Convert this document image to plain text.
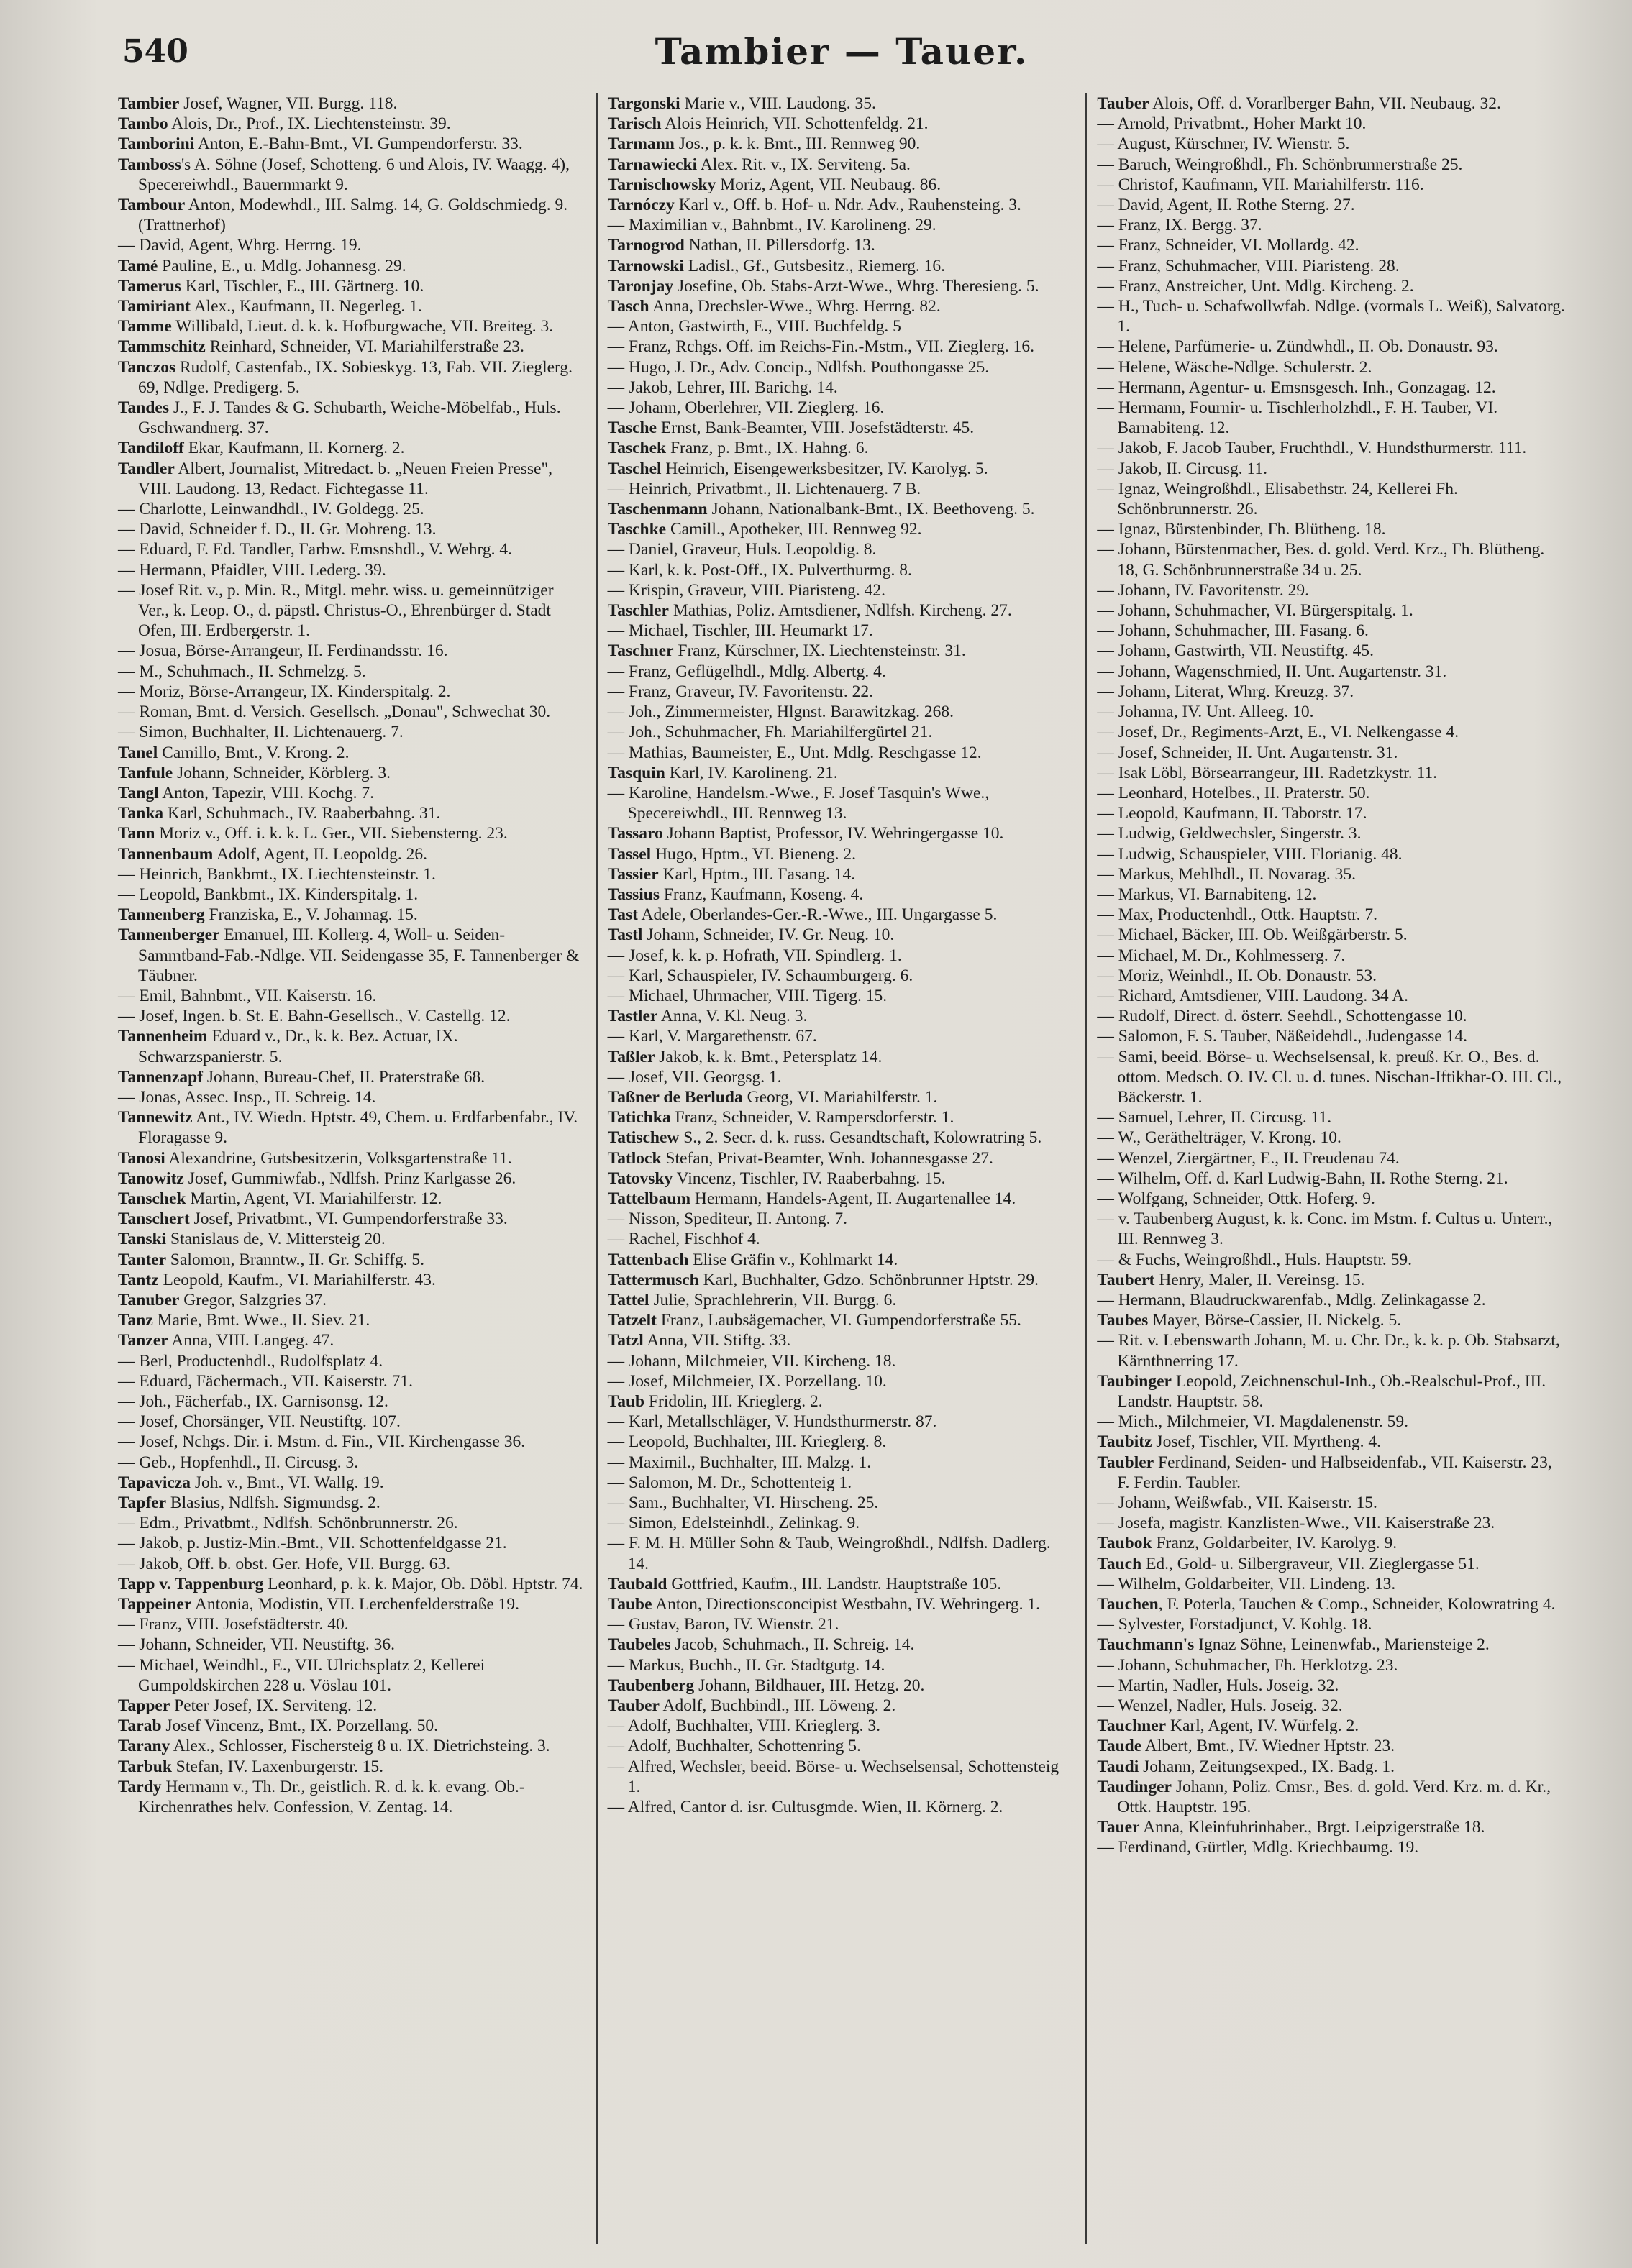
540	Tambier — Tauer.

Tambier Josef, Wagner, VII. Burgg. 118.

Tambo Alois, Dr., Prof., IX. Liechtensteinstr. 39.

Tamborini Anton, E.-Bahn-Bmt., VI. Gumpendorferstr. 33.

Tamboss's A. Söhne (Josef, Schotteng. 6 und Alois, IV. Waagg. 4), Specereiwhdl., Bauernmarkt 9.

Tambour Anton, Modewhdl., III. Salmg. 14, G. Goldschmiedg. 9. (Trattnerhof)

— David, Agent, Whrg. Herrng. 19.

Tamé Pauline, E., u. Mdlg. Johannesg. 29.

Tamerus Karl, Tischler, E., III. Gärtnerg. 10.

Tamiriant Alex., Kaufmann, II. Negerleg. 1.

Tamme Willibald, Lieut. d. k. k. Hofburgwache, VII. Breiteg. 3.

Tammschitz Reinhard, Schneider, VI. Mariahilferstraße 23.

Tanczos Rudolf, Castenfab., IX. Sobieskyg. 13, Fab. VII. Zieglerg. 69, Ndlge. Predigerg. 5.

Tandes J., F. J. Tandes & G. Schubarth, Weiche-Möbelfab., Huls. Gschwandnerg. 37.

Tandiloff Ekar, Kaufmann, II. Kornerg. 2.

Tandler Albert, Journalist, Mitredact. b. „Neuen Freien Presse", VIII. Laudong. 13, Redact. Fichtegasse 11.

— Charlotte, Leinwandhdl., IV. Goldegg. 25.

— David, Schneider f. D., II. Gr. Mohreng. 13.

— Eduard, F. Ed. Tandler, Farbw. Emsnshdl., V. Wehrg. 4.

— Hermann, Pfaidler, VIII. Lederg. 39.

— Josef Rit. v., p. Min. R., Mitgl. mehr. wiss. u. gemeinnütziger Ver., k. Leop. O., d. päpstl. Christus-O., Ehrenbürger d. Stadt Ofen, III. Erdbergerstr. 1.

— Josua, Börse-Arrangeur, II. Ferdinandsstr. 16.

— M., Schuhmach., II. Schmelzg. 5.

— Moriz, Börse-Arrangeur, IX. Kinderspitalg. 2.

— Roman, Bmt. d. Versich. Gesellsch. „Donau", Schwechat 30.

— Simon, Buchhalter, II. Lichtenauerg. 7.

Tanel Camillo, Bmt., V. Krong. 2.

Tanfule Johann, Schneider, Körblerg. 3.

Tangl Anton, Tapezir, VIII. Kochg. 7.

Tanka Karl, Schuhmach., IV. Raaberbahng. 31.

Tann Moriz v., Off. i. k. k. L. Ger., VII. Siebensterng. 23.

Tannenbaum Adolf, Agent, II. Leopoldg. 26.

— Heinrich, Bankbmt., IX. Liechtensteinstr. 1.

— Leopold, Bankbmt., IX. Kinderspitalg. 1.

Tannenberg Franziska, E., V. Johannag. 15.

Tannenberger Emanuel, III. Kollerg. 4, Woll- u. Seiden-Sammtband-Fab.-Ndlge. VII. Seidengasse 35, F. Tannenberger & Täubner.

— Emil, Bahnbmt., VII. Kaiserstr. 16.

— Josef, Ingen. b. St. E. Bahn-Gesellsch., V. Castellg. 12.

Tannenheim Eduard v., Dr., k. k. Bez. Actuar, IX. Schwarzspanierstr. 5.

Tannenzapf Johann, Bureau-Chef, II. Praterstraße 68.

— Jonas, Assec. Insp., II. Schreig. 14.

Tannewitz Ant., IV. Wiedn. Hptstr. 49, Chem. u. Erdfarbenfabr., IV. Floragasse 9.

Tanosi Alexandrine, Gutsbesitzerin, Volksgartenstraße 11.

Tanowitz Josef, Gummiwfab., Ndlfsh. Prinz Karlgasse 26.

Tanschek Martin, Agent, VI. Mariahilferstr. 12.

Tanschert Josef, Privatbmt., VI. Gumpendorferstraße 33.

Tanski Stanislaus de, V. Mittersteig 20.

Tanter Salomon, Branntw., II. Gr. Schiffg. 5.

Tantz Leopold, Kaufm., VI. Mariahilferstr. 43.

Tanuber Gregor, Salzgries 37.

Tanz Marie, Bmt. Wwe., II. Siev. 21.

Tanzer Anna, VIII. Langeg. 47.

— Berl, Productenhdl., Rudolfsplatz 4.

— Eduard, Fächermach., VII. Kaiserstr. 71.

— Joh., Fächerfab., IX. Garnisonsg. 12.

— Josef, Chorsänger, VII. Neustiftg. 107.

— Josef, Nchgs. Dir. i. Mstm. d. Fin., VII. Kirchengasse 36.

— Geb., Hopfenhdl., II. Circusg. 3.

Tapavicza Joh. v., Bmt., VI. Wallg. 19.

Tapfer Blasius, Ndlfsh. Sigmundsg. 2.

— Edm., Privatbmt., Ndlfsh. Schönbrunnerstr. 26.

— Jakob, p. Justiz-Min.-Bmt., VII. Schottenfeldgasse 21.

— Jakob, Off. b. obst. Ger. Hofe, VII. Burgg. 63.

Tapp v. Tappenburg Leonhard, p. k. k. Major, Ob. Döbl. Hptstr. 74.

Tappeiner Antonia, Modistin, VII. Lerchenfelderstraße 19.

— Franz, VIII. Josefstädterstr. 40.

— Johann, Schneider, VII. Neustiftg. 36.

— Michael, Weindhl., E., VII. Ulrichsplatz 2, Kellerei Gumpoldskirchen 228 u. Vöslau 101.

Tapper Peter Josef, IX. Serviteng. 12.

Tarab Josef Vincenz, Bmt., IX. Porzellang. 50.

Tarany Alex., Schlosser, Fischersteig 8 u. IX. Dietrichsteing. 3.

Tarbuk Stefan, IV. Laxenburgerstr. 15.

Tardy Hermann v., Th. Dr., geistlich. R. d. k. k. evang. Ob.-Kirchenrathes helv. Confession, V. Zentag. 14.

Targonski Marie v., VIII. Laudong. 35.

Tarisch Alois Heinrich, VII. Schottenfeldg. 21.

Tarmann Jos., p. k. k. Bmt., III. Rennweg 90.

Tarnawiecki Alex. Rit. v., IX. Serviteng. 5a.

Tarnischowsky Moriz, Agent, VII. Neubaug. 86.

Tarnóczy Karl v., Off. b. Hof- u. Ndr. Adv., Rauhensteing. 3.

— Maximilian v., Bahnbmt., IV. Karolineng. 29.

Tarnogrod Nathan, II. Pillersdorfg. 13.

Tarnowski Ladisl., Gf., Gutsbesitz., Riemerg. 16.

Taronjay Josefine, Ob. Stabs-Arzt-Wwe., Whrg. Theresieng. 5.

Tasch Anna, Drechsler-Wwe., Whrg. Herrng. 82.

— Anton, Gastwirth, E., VIII. Buchfeldg. 5

— Franz, Rchgs. Off. im Reichs-Fin.-Mstm., VII. Zieglerg. 16.

— Hugo, J. Dr., Adv. Concip., Ndlfsh. Pouthongasse 25.

— Jakob, Lehrer, III. Barichg. 14.

— Johann, Oberlehrer, VII. Zieglerg. 16.

Tasche Ernst, Bank-Beamter, VIII. Josefstädterstr. 45.

Taschek Franz, p. Bmt., IX. Hahng. 6.

Taschel Heinrich, Eisengewerksbesitzer, IV. Karolyg. 5.

— Heinrich, Privatbmt., II. Lichtenauerg. 7 B.

Taschenmann Johann, Nationalbank-Bmt., IX. Beethoveng. 5.

Taschke Camill., Apotheker, III. Rennweg 92.

— Daniel, Graveur, Huls. Leopoldig. 8.

— Karl, k. k. Post-Off., IX. Pulverthurmg. 8.

— Krispin, Graveur, VIII. Piaristeng. 42.

Taschler Mathias, Poliz. Amtsdiener, Ndlfsh. Kircheng. 27.

— Michael, Tischler, III. Heumarkt 17.

Taschner Franz, Kürschner, IX. Liechtensteinstr. 31.

— Franz, Geflügelhdl., Mdlg. Albertg. 4.

— Franz, Graveur, IV. Favoritenstr. 22.

— Joh., Zimmermeister, Hlgnst. Barawitzkag. 268.

— Joh., Schuhmacher, Fh. Mariahilfergürtel 21.

— Mathias, Baumeister, E., Unt. Mdlg. Reschgasse 12.

Tasquin Karl, IV. Karolineng. 21.

— Karoline, Handelsm.-Wwe., F. Josef Tasquin's Wwe., Specereiwhdl., III. Rennweg 13.

Tassaro Johann Baptist, Professor, IV. Wehringergasse 10.

Tassel Hugo, Hptm., VI. Bieneng. 2.

Tassier Karl, Hptm., III. Fasang. 14.

Tassius Franz, Kaufmann, Koseng. 4.

Tast Adele, Oberlandes-Ger.-R.-Wwe., III. Ungargasse 5.

Tastl Johann, Schneider, IV. Gr. Neug. 10.

— Josef, k. k. p. Hofrath, VII. Spindlerg. 1.

— Karl, Schauspieler, IV. Schaumburgerg. 6.

— Michael, Uhrmacher, VIII. Tigerg. 15.

Tastler Anna, V. Kl. Neug. 3.

— Karl, V. Margarethenstr. 67.

Taßler Jakob, k. k. Bmt., Petersplatz 14.

— Josef, VII. Georgsg. 1.

Taßner de Berluda Georg, VI. Mariahilferstr. 1.

Tatichka Franz, Schneider, V. Rampersdorferstr. 1.

Tatischew S., 2. Secr. d. k. russ. Gesandtschaft, Kolowratring 5.

Tatlock Stefan, Privat-Beamter, Wnh. Johannesgasse 27.

Tatovsky Vincenz, Tischler, IV. Raaberbahng. 15.

Tattelbaum Hermann, Handels-Agent, II. Augartenallee 14.

— Nisson, Spediteur, II. Antong. 7.

— Rachel, Fischhof 4.

Tattenbach Elise Gräfin v., Kohlmarkt 14.

Tattermusch Karl, Buchhalter, Gdzo. Schönbrunner Hptstr. 29.

Tattel Julie, Sprachlehrerin, VII. Burgg. 6.

Tatzelt Franz, Laubsägemacher, VI. Gumpendorferstraße 55.

Tatzl Anna, VII. Stiftg. 33.

— Johann, Milchmeier, VII. Kircheng. 18.

— Josef, Milchmeier, IX. Porzellang. 10.

Taub Fridolin, III. Krieglerg. 2.

— Karl, Metallschläger, V. Hundsthurmerstr. 87.

— Leopold, Buchhalter, III. Krieglerg. 8.

— Maximil., Buchhalter, III. Malzg. 1.

— Salomon, M. Dr., Schottenteig 1.

— Sam., Buchhalter, VI. Hirscheng. 25.

— Simon, Edelsteinhdl., Zelinkag. 9.

— F. M. H. Müller Sohn & Taub, Weingroßhdl., Ndlfsh. Dadlerg. 14.

Taubald Gottfried, Kaufm., III. Landstr. Hauptstraße 105.

Taube Anton, Directionsconcipist Westbahn, IV. Wehringerg. 1.

— Gustav, Baron, IV. Wienstr. 21.

Taubeles Jacob, Schuhmach., II. Schreig. 14.

— Markus, Buchh., II. Gr. Stadtgutg. 14.

Taubenberg Johann, Bildhauer, III. Hetzg. 20.

Tauber Adolf, Buchbindl., III. Löweng. 2.

— Adolf, Buchhalter, VIII. Krieglerg. 3.

— Adolf, Buchhalter, Schottenring 5.

— Alfred, Wechsler, beeid. Börse- u. Wechselsensal, Schottensteig 1.

— Alfred, Cantor d. isr. Cultusgmde. Wien, II. Körnerg. 2.

Tauber Alois, Off. d. Vorarlberger Bahn, VII. Neubaug. 32.

— Arnold, Privatbmt., Hoher Markt 10.

— August, Kürschner, IV. Wienstr. 5.

— Baruch, Weingroßhdl., Fh. Schönbrunnerstraße 25.

— Christof, Kaufmann, VII. Mariahilferstr. 116.

— David, Agent, II. Rothe Sterng. 27.

— Franz, IX. Bergg. 37.

— Franz, Schneider, VI. Mollardg. 42.

— Franz, Schuhmacher, VIII. Piaristeng. 28.

— Franz, Anstreicher, Unt. Mdlg. Kircheng. 2.

— H., Tuch- u. Schafwollwfab. Ndlge. (vormals L. Weiß), Salvatorg. 1.

— Helene, Parfümerie- u. Zündwhdl., II. Ob. Donaustr. 93.

— Helene, Wäsche-Ndlge. Schulerstr. 2.

— Hermann, Agentur- u. Emsnsgesch. Inh., Gonzagag. 12.

— Hermann, Fournir- u. Tischlerholzhdl., F. H. Tauber, VI. Barnabiteng. 12.

— Jakob, F. Jacob Tauber, Fruchthdl., V. Hundsthurmerstr. 111.

— Jakob, II. Circusg. 11.

— Ignaz, Weingroßhdl., Elisabethstr. 24, Kellerei Fh. Schönbrunnerstr. 26.

— Ignaz, Bürstenbinder, Fh. Blütheng. 18.

— Johann, Bürstenmacher, Bes. d. gold. Verd. Krz., Fh. Blütheng. 18, G. Schönbrunnerstraße 34 u. 25.

— Johann, IV. Favoritenstr. 29.

— Johann, Schuhmacher, VI. Bürgerspitalg. 1.

— Johann, Schuhmacher, III. Fasang. 6.

— Johann, Gastwirth, VII. Neustiftg. 45.

— Johann, Wagenschmied, II. Unt. Augartenstr. 31.

— Johann, Literat, Whrg. Kreuzg. 37.

— Johanna, IV. Unt. Alleeg. 10.

— Josef, Dr., Regiments-Arzt, E., VI. Nelkengasse 4.

— Josef, Schneider, II. Unt. Augartenstr. 31.

— Isak Löbl, Börsearrangeur, III. Radetzkystr. 11.

— Leonhard, Hotelbes., II. Praterstr. 50.

— Leopold, Kaufmann, II. Taborstr. 17.

— Ludwig, Geldwechsler, Singerstr. 3.

— Ludwig, Schauspieler, VIII. Florianig. 48.

— Markus, Mehlhdl., II. Novarag. 35.

— Markus, VI. Barnabiteng. 12.

— Max, Productenhdl., Ottk. Hauptstr. 7.

— Michael, Bäcker, III. Ob. Weißgärberstr. 5.

— Michael, M. Dr., Kohlmesserg. 7.

— Moriz, Weinhdl., II. Ob. Donaustr. 53.

— Richard, Amtsdiener, VIII. Laudong. 34 A.

— Rudolf, Direct. d. österr. Seehdl., Schottengasse 10.

— Salomon, F. S. Tauber, Näßeidehdl., Judengasse 14.

— Sami, beeid. Börse- u. Wechselsensal, k. preuß. Kr. O., Bes. d. ottom. Medsch. O. IV. Cl. u. d. tunes. Nischan-Iftikhar-O. III. Cl., Bäckerstr. 1.

— Samuel, Lehrer, II. Circusg. 11.

— W., Geräthelträger, V. Krong. 10.

— Wenzel, Ziergärtner, E., II. Freudenau 74.

— Wilhelm, Off. d. Karl Ludwig-Bahn, II. Rothe Sterng. 21.

— Wolfgang, Schneider, Ottk. Hoferg. 9.

— v. Taubenberg August, k. k. Conc. im Mstm. f. Cultus u. Unterr., III. Rennweg 3.

— & Fuchs, Weingroßhdl., Huls. Hauptstr. 59.

Taubert Henry, Maler, II. Vereinsg. 15.

— Hermann, Blaudruckwarenfab., Mdlg. Zelinkagasse 2.

Taubes Mayer, Börse-Cassier, II. Nickelg. 5.

— Rit. v. Lebenswarth Johann, M. u. Chr. Dr., k. k. p. Ob. Stabsarzt, Kärnthnerring 17.

Taubinger Leopold, Zeichnenschul-Inh., Ob.-Realschul-Prof., III. Landstr. Hauptstr. 58.

— Mich., Milchmeier, VI. Magdalenenstr. 59.

Taubitz Josef, Tischler, VII. Myrtheng. 4.

Taubler Ferdinand, Seiden- und Halbseidenfab., VII. Kaiserstr. 23, F. Ferdin. Taubler.

— Johann, Weißwfab., VII. Kaiserstr. 15.

— Josefa, magistr. Kanzlisten-Wwe., VII. Kaiserstraße 23.

Taubok Franz, Goldarbeiter, IV. Karolyg. 9.

Tauch Ed., Gold- u. Silbergraveur, VII. Zieglergasse 51.

— Wilhelm, Goldarbeiter, VII. Lindeng. 13.

Tauchen, F. Poterla, Tauchen & Comp., Schneider, Kolowratring 4.

— Sylvester, Forstadjunct, V. Kohlg. 18.

Tauchmann's Ignaz Söhne, Leinenwfab., Mariensteige 2.

— Johann, Schuhmacher, Fh. Herklotzg. 23.

— Martin, Nadler, Huls. Joseig. 32.

— Wenzel, Nadler, Huls. Joseig. 32.

Tauchner Karl, Agent, IV. Würfelg. 2.

Taude Albert, Bmt., IV. Wiedner Hptstr. 23.

Taudi Johann, Zeitungsexped., IX. Badg. 1.

Taudinger Johann, Poliz. Cmsr., Bes. d. gold. Verd. Krz. m. d. Kr., Ottk. Hauptstr. 195.

Tauer Anna, Kleinfuhrinhaber., Brgt. Leipzigerstraße 18.

— Ferdinand, Gürtler, Mdlg. Kriechbaumg. 19.
